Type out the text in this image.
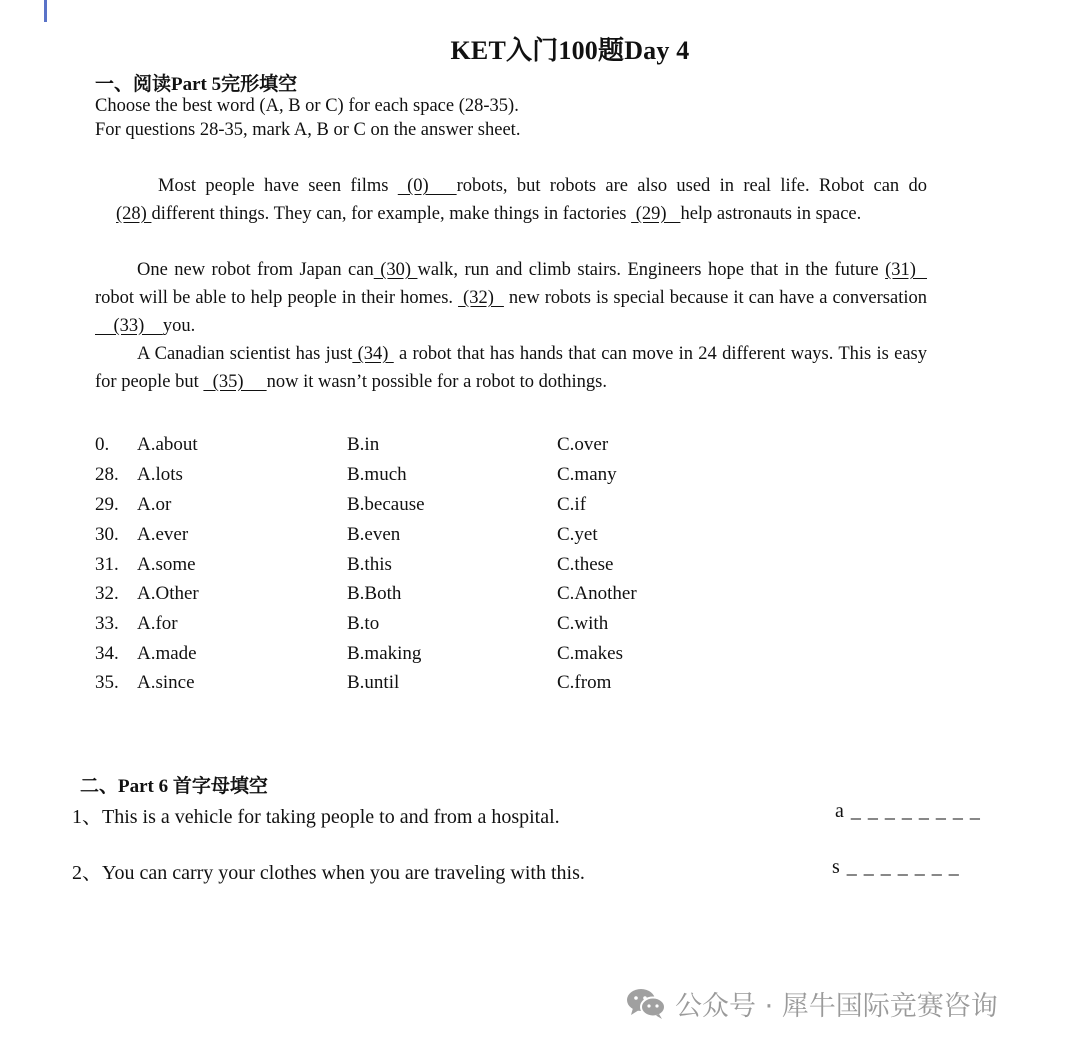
KET入门100题Day 4
一、阅读Part 5完形填空
Choose the best word (A, B or C) for each space (28-35).
For questions 28-35, mark A, B or C on the answer sheet.
Most people have seen films  (0)   robots, but robots are also used in real life. Robot can do (28) different things. They can, for example, make things in factories  (29)   help astronauts in space.
One new robot from Japan can (30) walk, run and climb stairs. Engineers hope that in the future (31)   robot will be able to help people in their homes.  (32)   new robots is special because it can have a conversation     (33)    you.
A Canadian scientist has just (34)  a robot that has hands that can move in 24 different ways. This is easy for people but   (35)     now it wasn’t possible for a robot to dothings.
0. A.about	B.in	C.over
28. A.lots	B.much	C.many
29. A.or	B.because	C.if
30. A.ever	B.even	C.yet
31. A.some	B.this	C.these
32. A.Other	B.Both	C.Another
33. A.for	B.to	C.with
34. A.made	B.making	C.makes
35. A.since	B.until	C.from
二、Part 6 首字母填空
1、This is a vehicle for taking people to and from a hospital.	a _ _ _ _ _ _ _ _
2、You can carry your clothes when you are traveling with this.	s _ _ _ _ _ _ _
公众号 · 犀牛国际竞赛咨询
